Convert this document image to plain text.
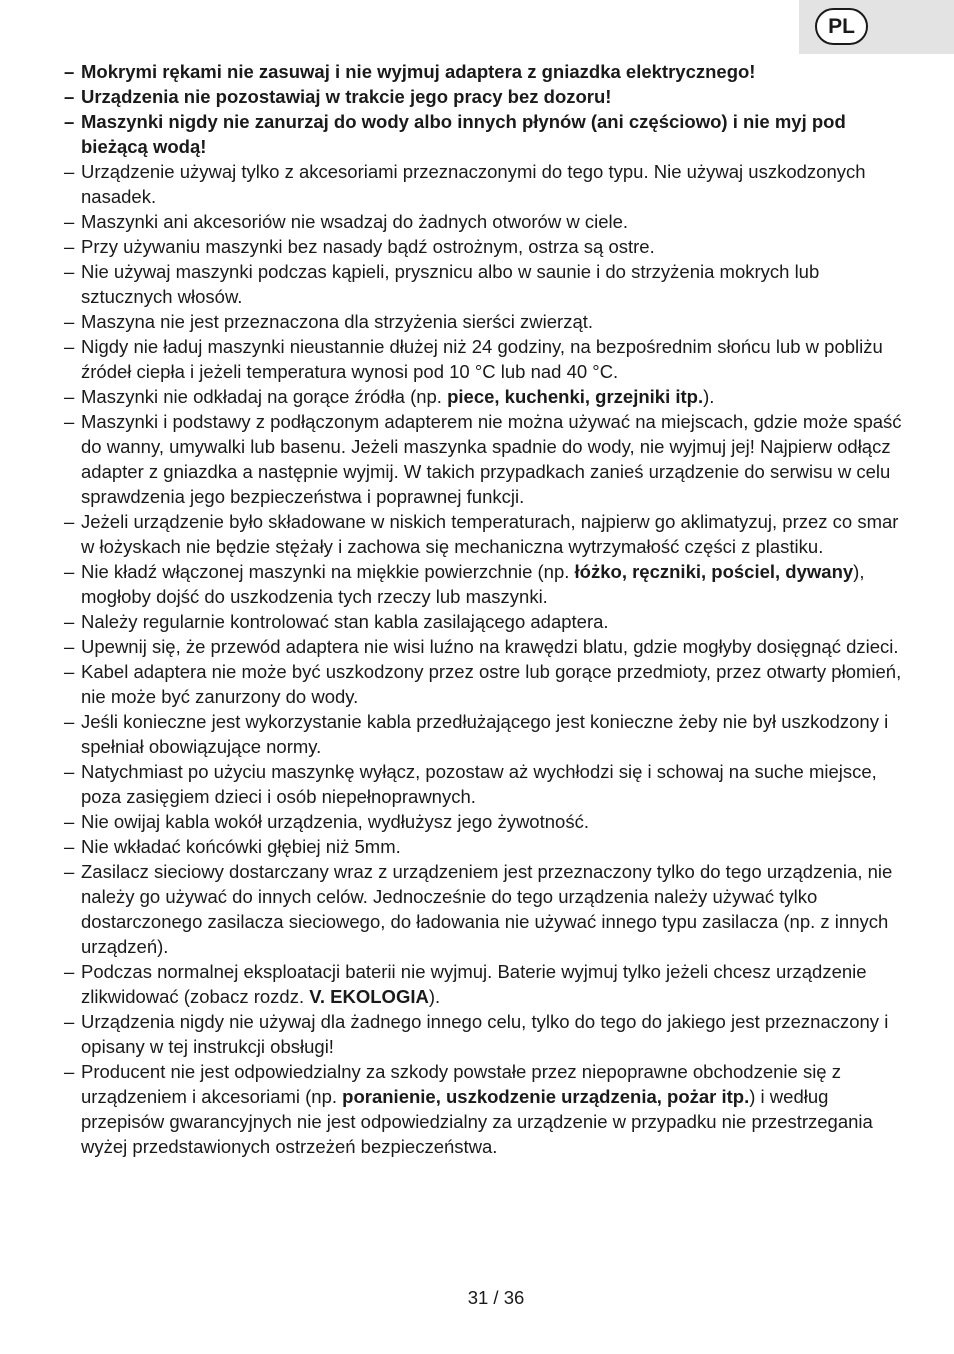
PL
– Mokrymi rękami nie zasuwaj i nie wyjmuj adaptera z gniazdka elektrycznego!
– Urządzenia nie pozostawiaj w trakcie jego pracy bez dozoru!
– Maszynki nigdy nie zanurzaj do wody albo innych płynów (ani częściowo) i nie myj pod bieżącą wodą!
– Urządzenie używaj tylko z akcesoriami przeznaczonymi do tego typu. Nie używaj uszkodzonych nasadek.
– Maszynki ani akcesoriów nie wsadzaj do żadnych otworów w ciele.
– Przy używaniu maszynki bez nasady bądź ostrożnym, ostrza są ostre.
– Nie używaj maszynki podczas kąpieli, prysznicu albo w saunie i do strzyżenia mokrych lub sztucznych włosów.
– Maszyna nie jest przeznaczona dla strzyżenia sierści zwierząt.
– Nigdy nie ładuj maszynki nieustannie dłużej niż 24 godziny, na bezpośrednim słońcu lub w pobliżu źródeł ciepła i jeżeli temperatura wynosi pod 10 °C lub nad 40 °C.
– Maszynki nie odkładaj na gorące źródła (np. piece, kuchenki, grzejniki itp.).
– Maszynki i podstawy z podłączonym adapterem nie można używać na miejscach, gdzie może spaść do wanny, umywalki lub basenu. Jeżeli maszynka spadnie do wody, nie wyjmuj jej! Najpierw odłącz adapter z gniazdka a następnie wyjmij. W takich przypadkach zanieś urządzenie do serwisu w celu sprawdzenia jego bezpieczeństwa i poprawnej funkcji.
– Jeżeli urządzenie było składowane w niskich temperaturach, najpierw go aklimatyzuj, przez co smar w łożyskach nie będzie stężały i zachowa się mechaniczna wytrzymałość części z plastiku.
– Nie kładź włączonej maszynki na miękkie powierzchnie (np. łóżko, ręczniki, pościel, dywany), mogłoby dojść do uszkodzenia tych rzeczy lub maszynki.
– Należy regularnie kontrolować stan kabla zasilającego adaptera.
– Upewnij się, że przewód adaptera nie wisi luźno na krawędzi blatu, gdzie mogłyby dosięgnąć dzieci.
– Kabel adaptera nie może być uszkodzony przez ostre lub gorące przedmioty, przez otwarty płomień, nie może być zanurzony do wody.
– Jeśli konieczne jest wykorzystanie kabla przedłużającego jest konieczne żeby nie był uszkodzony i spełniał obowiązujące normy.
– Natychmiast po użyciu maszynkę wyłącz, pozostaw aż wychłodzi się i schowaj na suche miejsce, poza zasięgiem dzieci i osób niepełnoprawnych.
– Nie owijaj kabla wokół urządzenia, wydłużysz jego żywotność.
– Nie wkładać końcówki głębiej niż 5mm.
– Zasilacz sieciowy dostarczany wraz z urządzeniem jest przeznaczony tylko do tego urządzenia, nie należy go używać do innych celów. Jednocześnie do tego urządzenia należy używać tylko dostarczonego zasilacza sieciowego, do ładowania nie używać innego typu zasilacza (np. z innych urządzeń).
– Podczas normalnej eksploatacji baterii nie wyjmuj. Baterie wyjmuj tylko jeżeli chcesz urządzenie zlikwidować (zobacz rozdz. V. EKOLOGIA).
– Urządzenia nigdy nie używaj dla żadnego innego celu, tylko do tego do jakiego jest przeznaczony i opisany w tej instrukcji obsługi!
– Producent nie jest odpowiedzialny za szkody powstałe przez niepoprawne obchodzenie się z urządzeniem i akcesoriami (np. poranienie, uszkodzenie urządzenia, pożar itp.) i według przepisów gwarancyjnych nie jest odpowiedzialny za urządzenie w przypadku nie przestrzegania wyżej przedstawionych ostrzeżeń bezpieczeństwa.
31 / 36
